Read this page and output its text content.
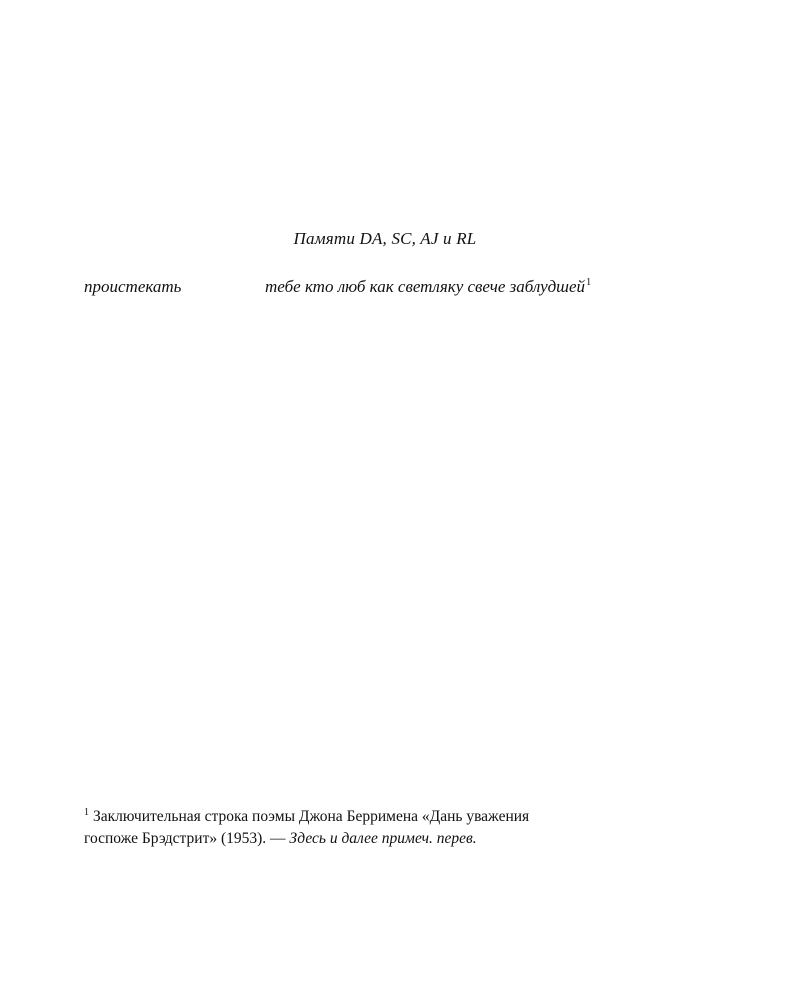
Памяти DA, SC, AJ и RL
проистекать	тебе кто люб как светляку свече заблудшей$^1$
$^1$ Заключительная строка поэмы Джона Берримена «Дань уважения
госпоже Брэдстрит» (1953). — Здесь и далее примеч. перев.
